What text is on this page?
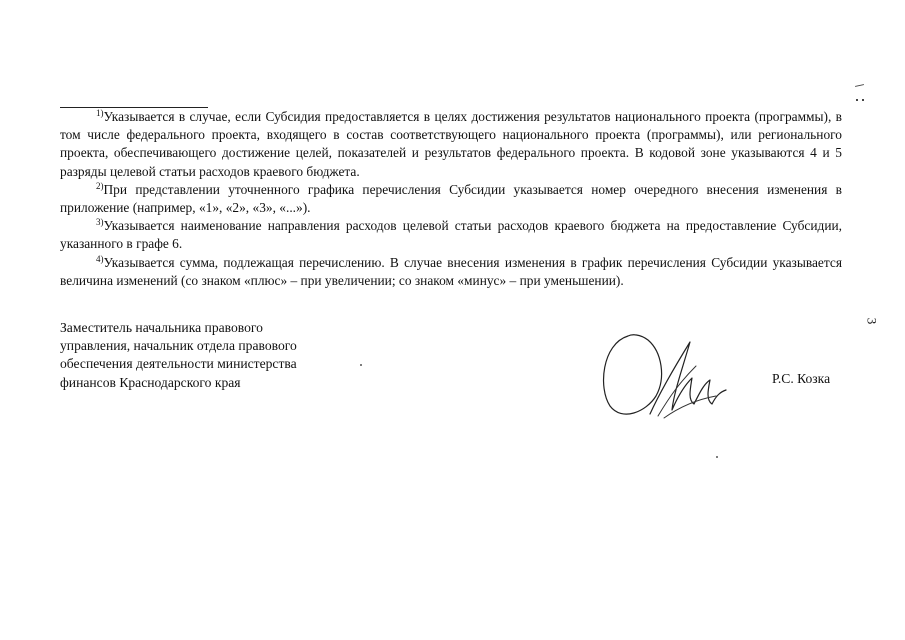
$^{1)}$Указывается в случае, если Субсидия предоставляется в целях достижения результатов национального проекта (программы), в том числе федерального проекта, входящего в состав соответствующего национального проекта (программы), или регионального проекта, обеспечивающего достижение целей, показателей и результатов федерального проекта. В кодовой зоне указываются 4 и 5 разряды целевой статьи расходов краевого бюджета.

$^{2)}$При представлении уточненного графика перечисления Субсидии указывается номер очередного внесения изменения в приложение (например, «1», «2», «3», «...»).

$^{3)}$Указывается наименование направления расходов целевой статьи расходов краевого бюджета на предоставление Субсидии, указанного в графе 6.

$^{4)}$Указывается сумма, подлежащая перечислению. В случае внесения изменения в график перечисления Субсидии указывается величина изменений (со знаком «плюс» – при увеличении; со знаком «минус» – при уменьшении).

3
Заместитель начальника правового
управления, начальник отдела правового
обеспечения деятельности министерства
финансов Краснодарского края	Р.С. Козка
